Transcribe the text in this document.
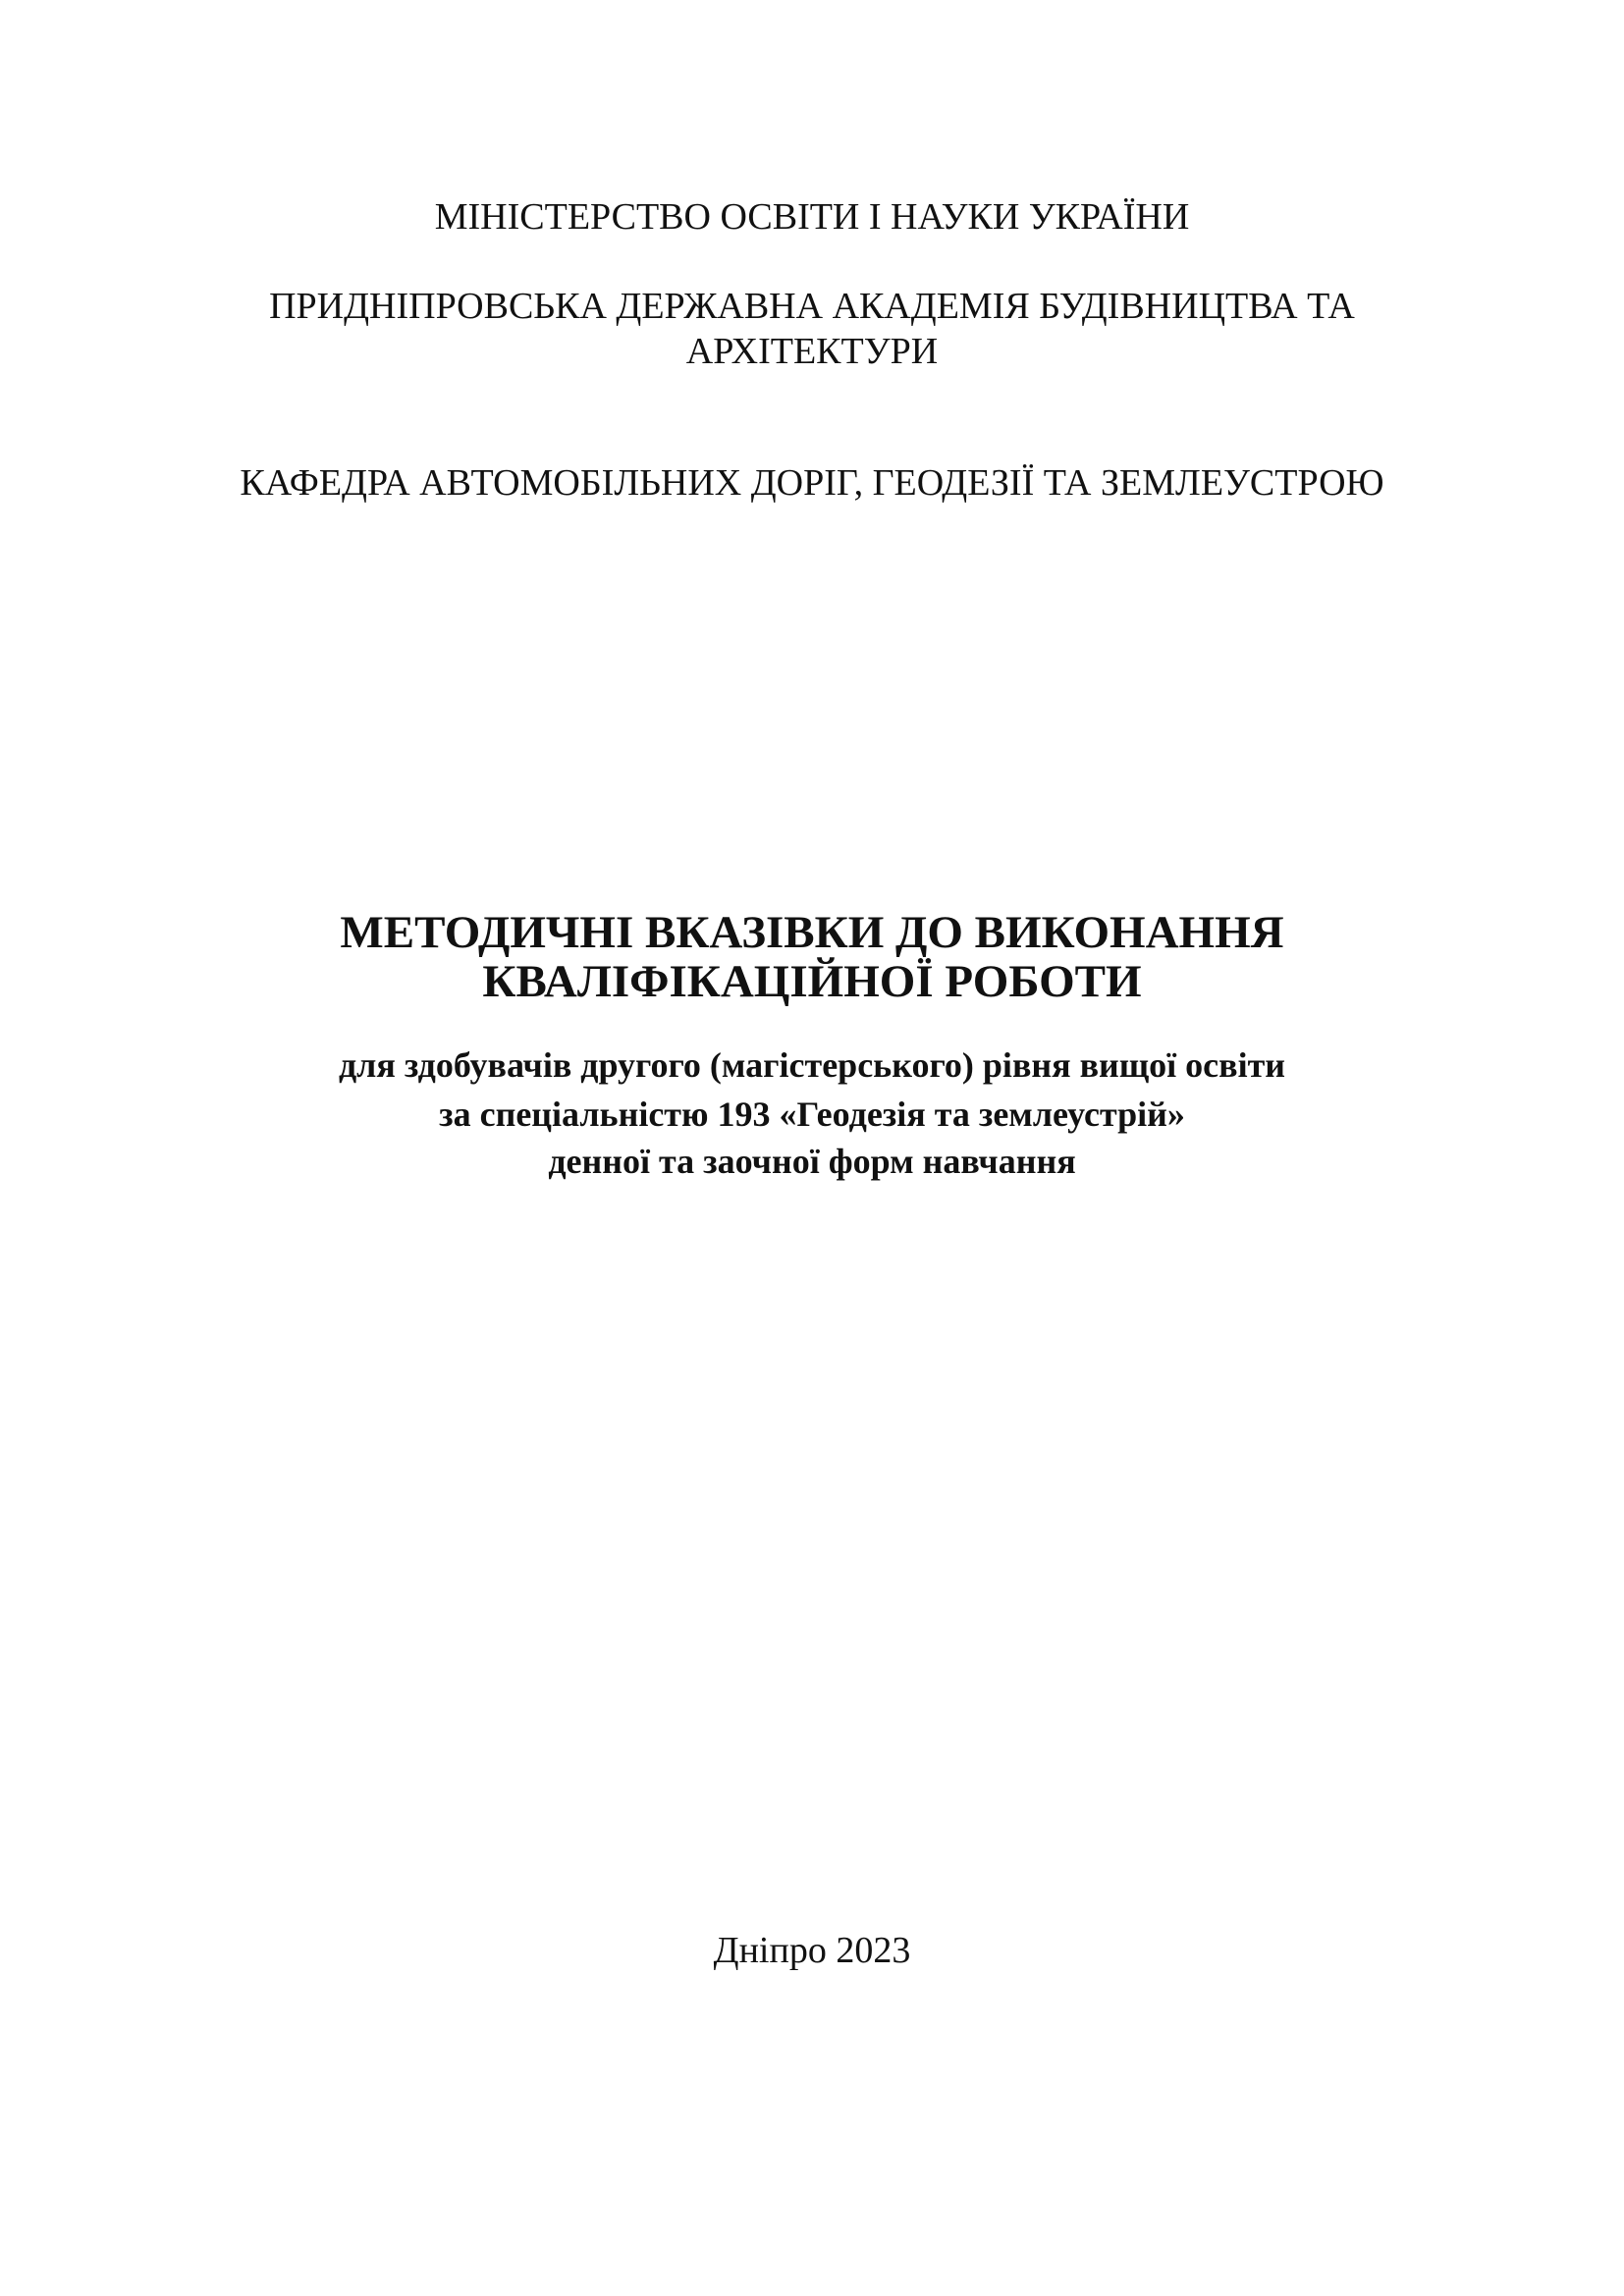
МІНІСТЕРСТВО ОСВІТИ І НАУКИ УКРАЇНИ
ПРИДНІПРОВСЬКА ДЕРЖАВНА АКАДЕМІЯ БУДІВНИЦТВА ТА
АРХІТЕКТУРИ
КАФЕДРА АВТОМОБІЛЬНИХ ДОРІГ, ГЕОДЕЗІЇ ТА ЗЕМЛЕУСТРОЮ
МЕТОДИЧНІ ВКАЗІВКИ ДО ВИКОНАННЯ
КВАЛІФІКАЦІЙНОЇ РОБОТИ
для здобувачів другого (магістерського) рівня вищої освіти
за спеціальністю 193 «Геодезія та землеустрій»
денної та заочної форм навчання
Дніпро 2023
